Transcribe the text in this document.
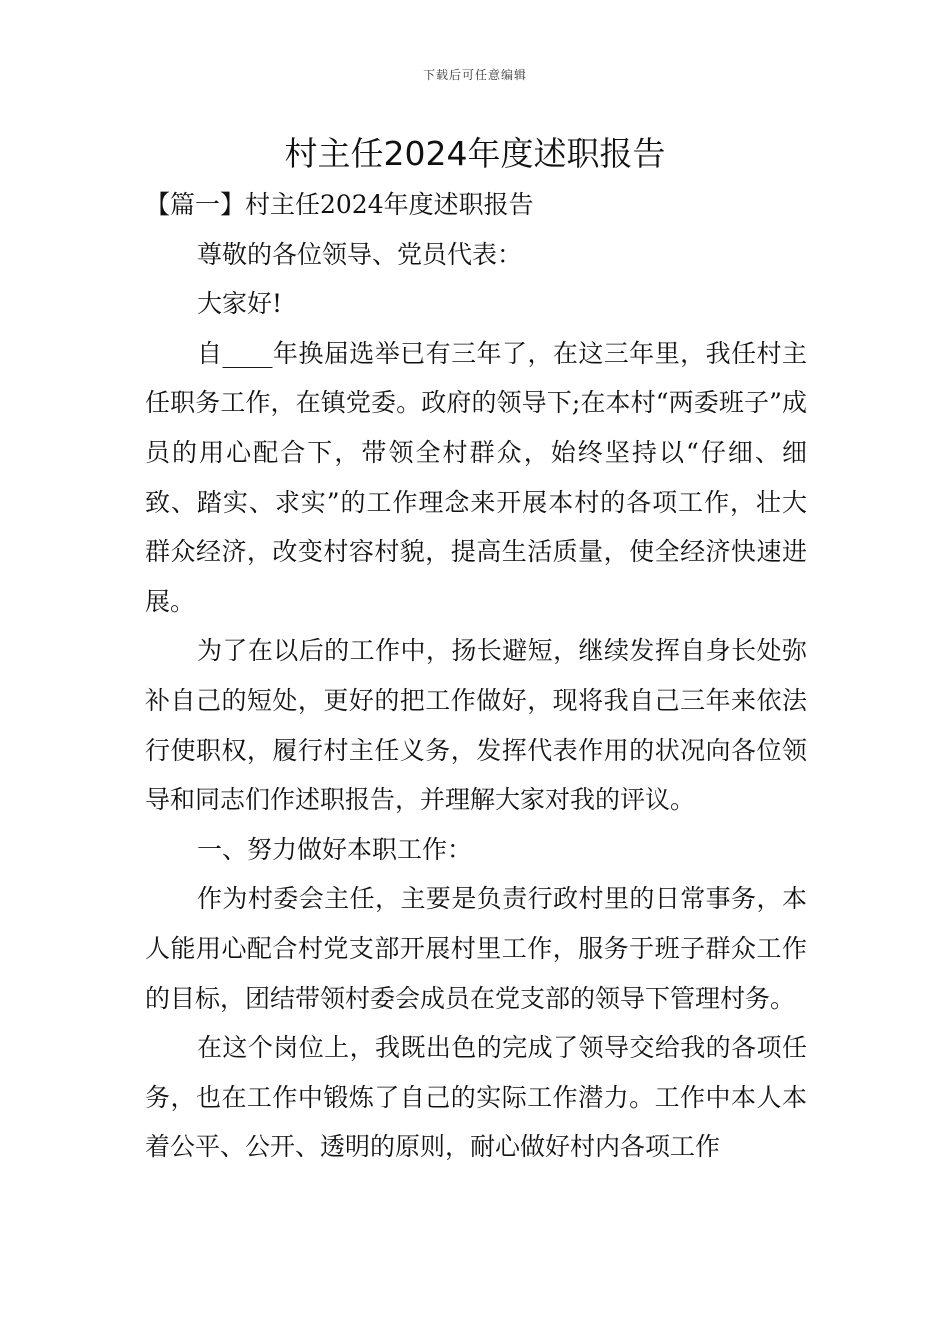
下载后可任意编辑
村主任2024年度述职报告

【篇一】村主任2024年度述职报告

尊敬的各位领导、党员代表：

大家好!

自____年换届选举已有三年了，在这三年里，我任村主任职务工作，在镇党委。政府的领导下;在本村“两委班子”成员的用心配合下，带领全村群众，始终坚持以“仔细、细致、踏实、求实”的工作理念来开展本村的各项工作，壮大群众经济，改变村容村貌，提高生活质量，使全经济快速进展。

为了在以后的工作中，扬长避短，继续发挥自身长处弥补自己的短处，更好的把工作做好，现将我自己三年来依法行使职权，履行村主任义务，发挥代表作用的状况向各位领导和同志们作述职报告，并理解大家对我的评议。

一、努力做好本职工作：

作为村委会主任，主要是负责行政村里的日常事务，本人能用心配合村党支部开展村里工作，服务于班子群众工作的目标，团结带领村委会成员在党支部的领导下管理村务。

在这个岗位上，我既出色的完成了领导交给我的各项任务，也在工作中锻炼了自己的实际工作潜力。工作中本人本着公平、公开、透明的原则，耐心做好村内各项工作
